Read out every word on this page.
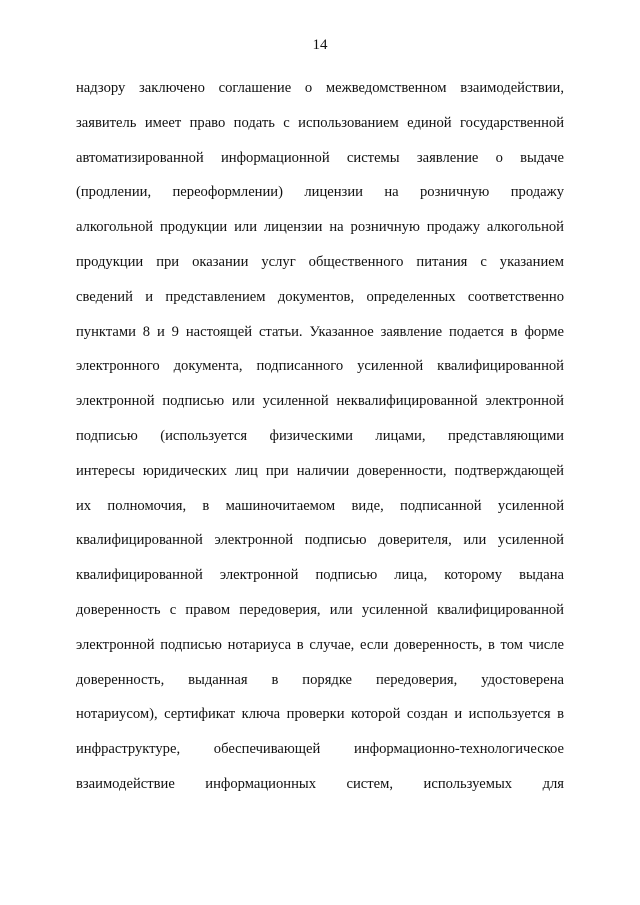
14
надзору заключено соглашение о межведомственном взаимодействии,
заявитель имеет право подать с использованием единой государственной
автоматизированной информационной системы заявление о выдаче
(продлении, переоформлении) лицензии на розничную продажу
алкогольной продукции или лицензии на розничную продажу алкогольной
продукции при оказании услуг общественного питания с указанием
сведений и представлением документов, определенных соответственно
пунктами 8 и 9 настоящей статьи. Указанное заявление подается в форме
электронного документа, подписанного усиленной квалифицированной
электронной подписью или усиленной неквалифицированной электронной
подписью (используется физическими лицами, представляющими
интересы юридических лиц при наличии доверенности, подтверждающей
их полномочия, в машиночитаемом виде, подписанной усиленной
квалифицированной электронной подписью доверителя, или усиленной
квалифицированной электронной подписью лица, которому выдана
доверенность с правом передоверия, или усиленной квалифицированной
электронной подписью нотариуса в случае, если доверенность, в том числе
доверенность, выданная в порядке передоверия, удостоверена
нотариусом), сертификат ключа проверки которой создан и используется в
инфраструктуре, обеспечивающей информационно-технологическое
взаимодействие информационных систем, используемых для
